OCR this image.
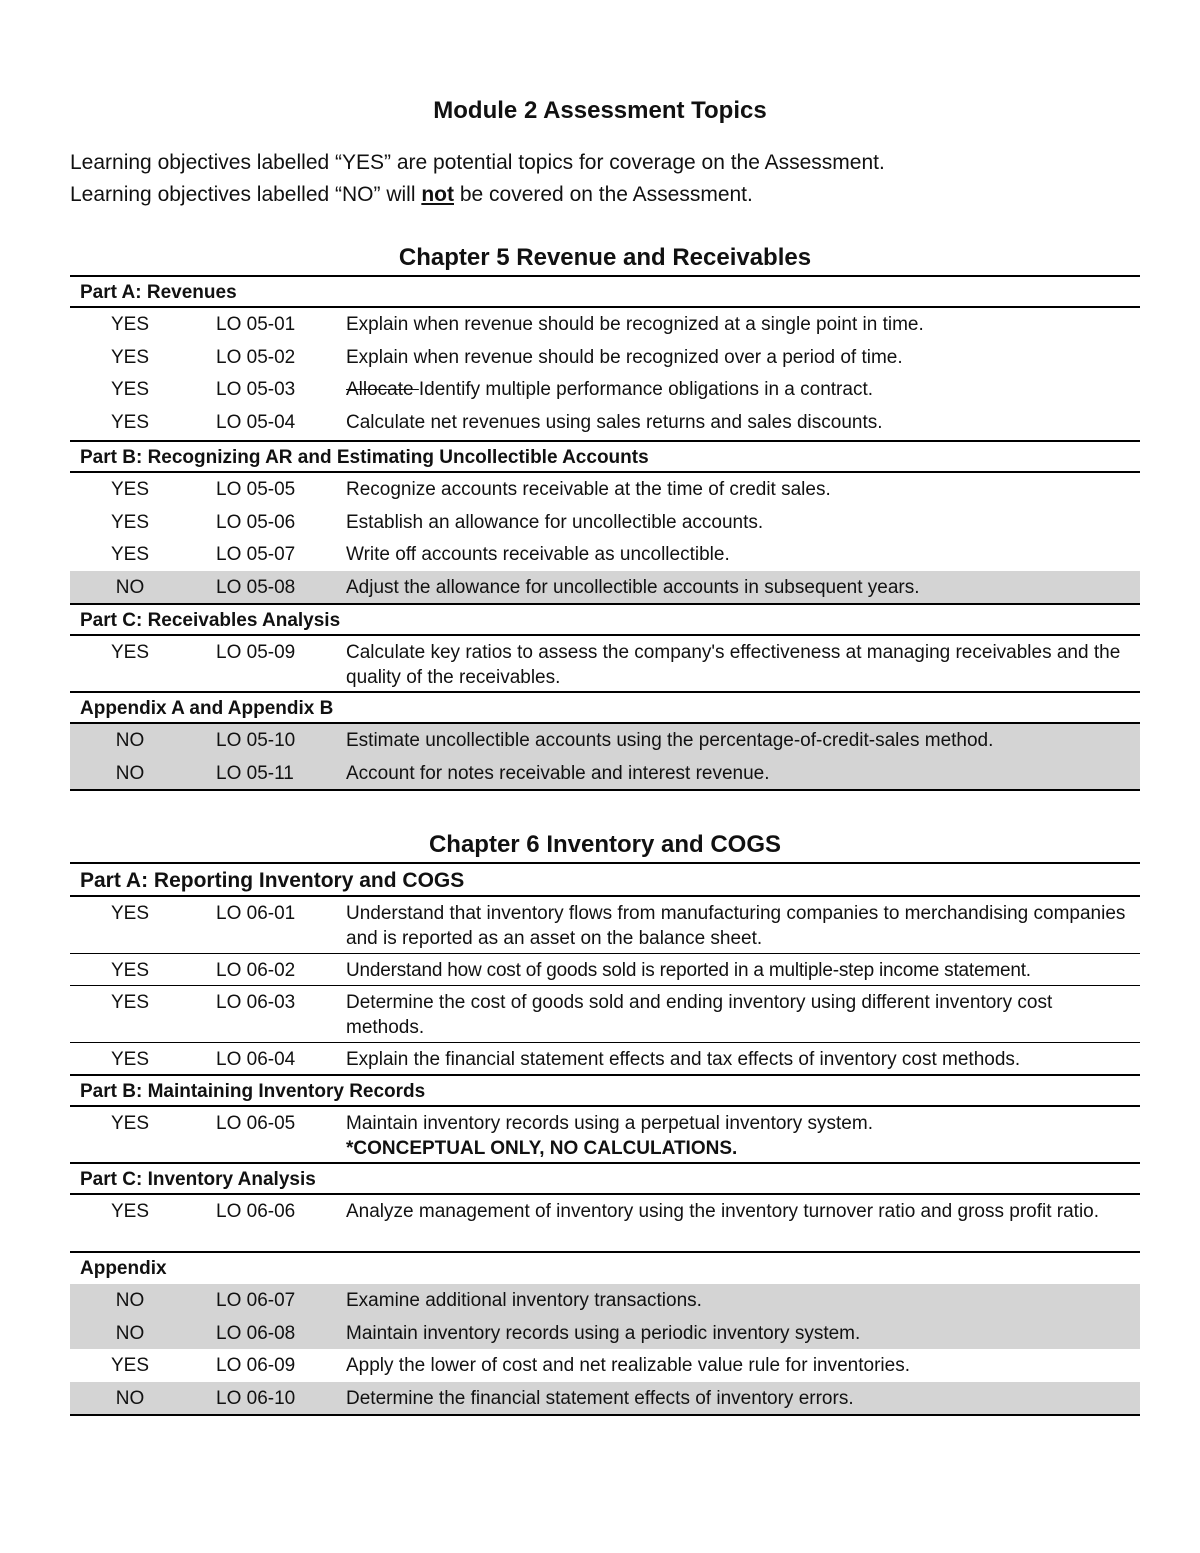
Module 2 Assessment Topics

Learning objectives labelled “YES” are potential topics for coverage on the Assessment.

Learning objectives labelled “NO” will not be covered on the Assessment.

Chapter 5 Revenue and Receivables
Part A: Revenues
YES	LO 05-01	Explain when revenue should be recognized at a single point in time.
YES	LO 05-02	Explain when revenue should be recognized over a period of time.
YES	LO 05-03	Allocate Identify multiple performance obligations in a contract.
YES	LO 05-04	Calculate net revenues using sales returns and sales discounts.
Part B: Recognizing AR and Estimating Uncollectible Accounts
YES	LO 05-05	Recognize accounts receivable at the time of credit sales.
YES	LO 05-06	Establish an allowance for uncollectible accounts.
YES	LO 05-07	Write off accounts receivable as uncollectible.
NO	LO 05-08	Adjust the allowance for uncollectible accounts in subsequent years.
Part C: Receivables Analysis
YES	LO 05-09	Calculate key ratios to assess the company's effectiveness at managing receivables and the quality of the receivables.
Appendix A and Appendix B
NO	LO 05-10	Estimate uncollectible accounts using the percentage-of-credit-sales method.
NO	LO 05-11	Account for notes receivable and interest revenue.
Chapter 6 Inventory and COGS
Part A: Reporting Inventory and COGS
YES	LO 06-01	Understand that inventory flows from manufacturing companies to merchandising companies and is reported as an asset on the balance sheet.
YES	LO 06-02	Understand how cost of goods sold is reported in a multiple-step income statement.
YES	LO 06-03	Determine the cost of goods sold and ending inventory using different inventory cost methods.
YES	LO 06-04	Explain the financial statement effects and tax effects of inventory cost methods.
Part B: Maintaining Inventory Records
YES	LO 06-05	Maintain inventory records using a perpetual inventory system.
*CONCEPTUAL ONLY, NO CALCULATIONS.
Part C: Inventory Analysis
YES	LO 06-06	Analyze management of inventory using the inventory turnover ratio and gross profit ratio.
Appendix
NO	LO 06-07	Examine additional inventory transactions.
NO	LO 06-08	Maintain inventory records using a periodic inventory system.
YES	LO 06-09	Apply the lower of cost and net realizable value rule for inventories.
NO	LO 06-10	Determine the financial statement effects of inventory errors.
